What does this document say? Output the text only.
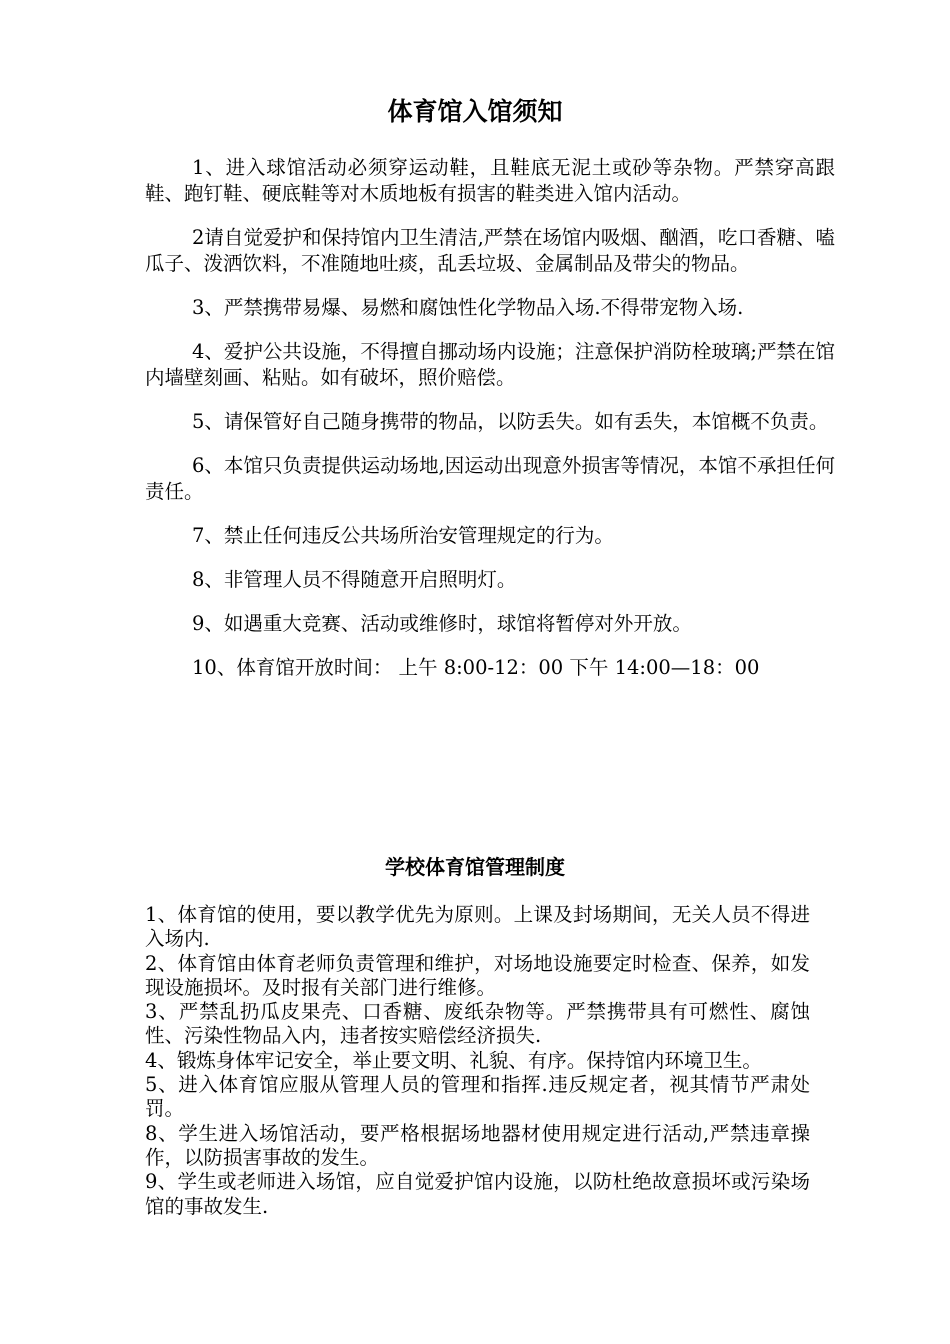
体育馆入馆须知

1、进入球馆活动必须穿运动鞋，且鞋底无泥土或砂等杂物。严禁穿高跟鞋、跑钉鞋、硬底鞋等对木质地板有损害的鞋类进入馆内活动。

2请自觉爱护和保持馆内卫生清洁,严禁在场馆内吸烟、酗酒，吃口香糖、嗑瓜子、泼洒饮料，不准随地吐痰，乱丢垃圾、金属制品及带尖的物品。

3、严禁携带易爆、易燃和腐蚀性化学物品入场.不得带宠物入场.

4、爱护公共设施，不得擅自挪动场内设施；注意保护消防栓玻璃;严禁在馆内墙壁刻画、粘贴。如有破坏，照价赔偿。

5、请保管好自己随身携带的物品，以防丢失。如有丢失，本馆概不负责。

6、本馆只负责提供运动场地,因运动出现意外损害等情况，本馆不承担任何责任。

7、禁止任何违反公共场所治安管理规定的行为。

8、非管理人员不得随意开启照明灯。

9、如遇重大竞赛、活动或维修时，球馆将暂停对外开放。

10、体育馆开放时间： 上午 8:00-12：00 下午 14:00—18：00

学校体育馆管理制度

1、体育馆的使用，要以教学优先为原则。上课及封场期间，无关人员不得进入场内.

2、体育馆由体育老师负责管理和维护，对场地设施要定时检查、保养，如发现设施损坏。及时报有关部门进行维修。

3、严禁乱扔瓜皮果壳、口香糖、废纸杂物等。严禁携带具有可燃性、腐蚀性、污染性物品入内，违者按实赔偿经济损失.

4、锻炼身体牢记安全，举止要文明、礼貌、有序。保持馆内环境卫生。

5、进入体育馆应服从管理人员的管理和指挥.违反规定者，视其情节严肃处罚。

8、学生进入场馆活动，要严格根据场地器材使用规定进行活动,严禁违章操作，以防损害事故的发生。

9、学生或老师进入场馆，应自觉爱护馆内设施，以防杜绝故意损坏或污染场馆的事故发生.
